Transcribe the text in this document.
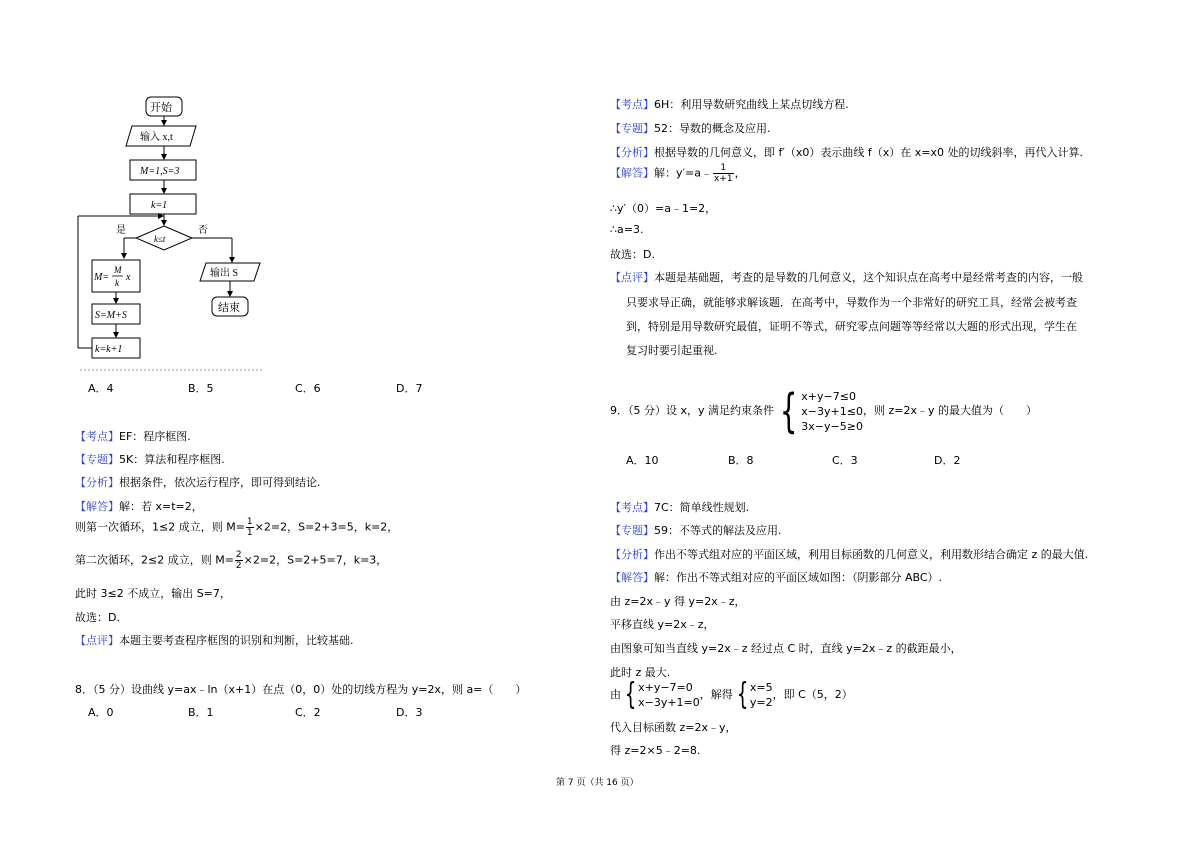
开始
输入 x,t
M=1,S=3
k=1
k≤t
是	否
M=
M
k x
S=M+S
k=k+1
输出 S
结束
A．4	B．5	C．6	D．7
【考点】EF：程序框图.
【专题】5K：算法和程序框图.
【分析】根据条件，依次运行程序，即可得到结论.
【解答】解：若 x=t=2，
则第一次循环，1≤2 成立，则 $M= \frac{1}{1} \times 2=2$，S=2+3=5，k=2，
第二次循环，2≤2 成立，则 $M= \frac{2}{2} \times 2=2$，S=2+5=7，k=3，
此时 3≤2 不成立，输出 S=7，
故选：D.
【点评】本题主要考查程序框图的识别和判断，比较基础.
8．（5 分）设曲线 y=ax﹣ln（x+1）在点（0，0）处的切线方程为 y=2x，则 a=（　　）
A．0	B．1	C．2	D．3
【考点】6H：利用导数研究曲线上某点切线方程.
【专题】52：导数的概念及应用.
【分析】根据导数的几何意义，即 f′（x0）表示曲线 f（x）在 x=x0 处的切线斜率，再代入计算.
【解答】解：y′=a﹣ $\frac{1}{x+1}$ ，
∴y′（0）=a﹣1=2，
∴a=3.
故选：D.
【点评】本题是基础题，考查的是导数的几何意义，这个知识点在高考中是经常考查的内容，一般
只要求导正确，就能够求解该题．在高考中，导数作为一个非常好的研究工具，经常会被考查
到，特别是用导数研究最值，证明不等式，研究零点问题等等经常以大题的形式出现，学生在
复习时要引起重视.
9．（5 分）设 x，y 满足约束条件 { x+y−7≤0
x−3y+1≤0
3x−y−5≥0
，则 z=2x﹣y 的最大值为（　　）
A．10	B．8	C．3	D．2
【考点】7C：简单线性规划.
【专题】59：不等式的解法及应用.
【分析】作出不等式组对应的平面区域，利用目标函数的几何意义，利用数形结合确定 z 的最大值.
【解答】解：作出不等式组对应的平面区域如图：（阴影部分 ABC）.
由 z=2x﹣y 得 y=2x﹣z，
平移直线 y=2x﹣z，
由图象可知当直线 y=2x﹣z 经过点 C 时，直线 y=2x﹣z 的截距最小，
此时 z 最大.
由 { x+y−7=0
x−3y+1=0
，解得 { x=5
y=2
，即 C（5，2）
代入目标函数 z=2x﹣y，
得 z=2×5﹣2=8.
第 7 页（共 16 页）
